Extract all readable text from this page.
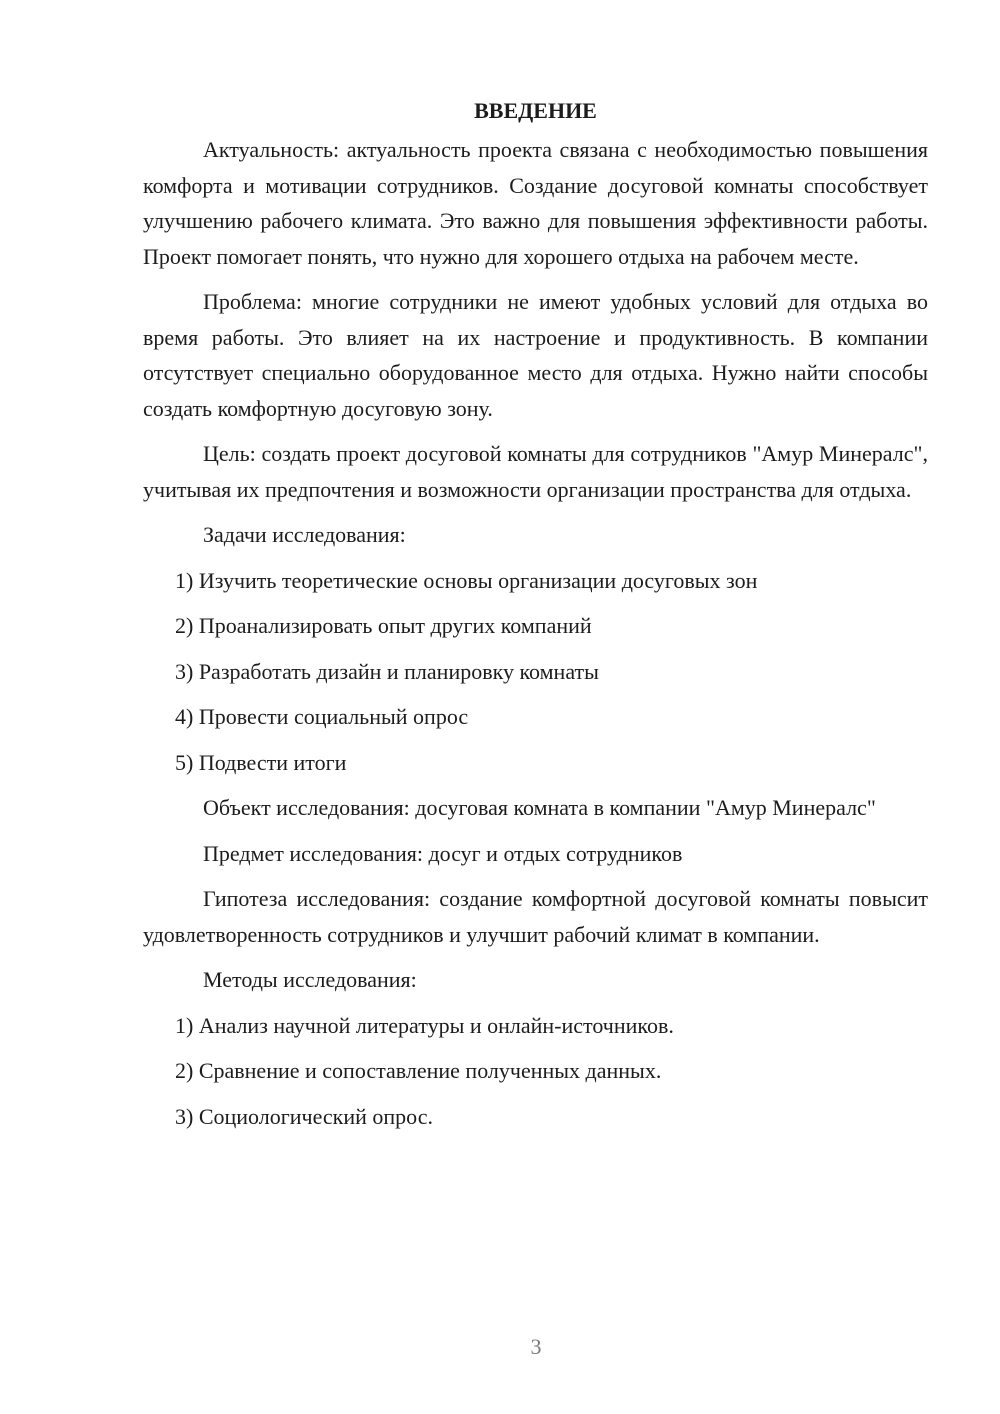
ВВЕДЕНИЕ

Актуальность: актуальность проекта связана с необходимостью повышения комфорта и мотивации сотрудников. Создание досуговой комнаты способствует улучшению рабочего климата. Это важно для повышения эффективности работы. Проект помогает понять, что нужно для хорошего отдыха на рабочем месте.

Проблема: многие сотрудники не имеют удобных условий для отдыха во время работы. Это влияет на их настроение и продуктивность. В компании отсутствует специально оборудованное место для отдыха. Нужно найти способы создать комфортную досуговую зону.

Цель: создать проект досуговой комнаты для сотрудников "Амур Минералс", учитывая их предпочтения и возможности организации пространства для отдыха.

Задачи исследования:

1) Изучить теоретические основы организации досуговых зон
2) Проанализировать опыт других компаний
3) Разработать дизайн и планировку комнаты
4) Провести социальный опрос
5) Подвести итоги

Объект исследования: досуговая комната в компании "Амур Минералс"

Предмет исследования: досуг и отдых сотрудников

Гипотеза исследования: создание комфортной досуговой комнаты повысит удовлетворенность сотрудников и улучшит рабочий климат в компании.

Методы исследования:

1) Анализ научной литературы и онлайн-источников.
2) Сравнение и сопоставление полученных данных.
3) Социологический опрос.
3
